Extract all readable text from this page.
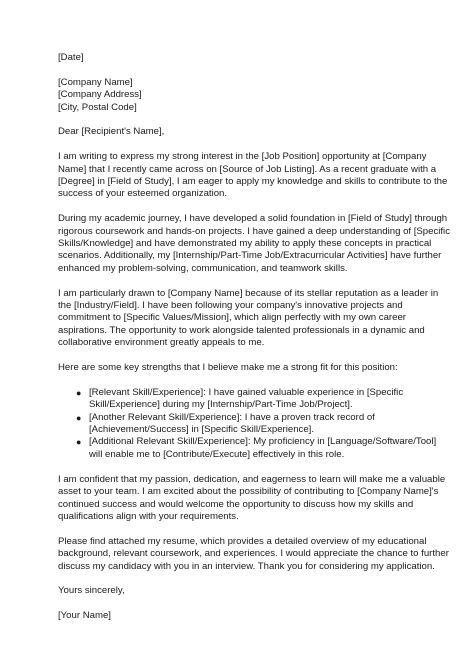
[Date]

[Company Name]
[Company Address]
[City, Postal Code]

Dear [Recipient's Name],

I am writing to express my strong interest in the [Job Position] opportunity at [Company
Name] that I recently came across on [Source of Job Listing]. As a recent graduate with a
[Degree] in [Field of Study], I am eager to apply my knowledge and skills to contribute to the
success of your esteemed organization.

During my academic journey, I have developed a solid foundation in [Field of Study] through
rigorous coursework and hands-on projects. I have gained a deep understanding of [Specific
Skills/Knowledge] and have demonstrated my ability to apply these concepts in practical
scenarios. Additionally, my [Internship/Part-Time Job/Extracurricular Activities] have further
enhanced my problem-solving, communication, and teamwork skills.

I am particularly drawn to [Company Name] because of its stellar reputation as a leader in
the [Industry/Field]. I have been following your company's innovative projects and
commitment to [Specific Values/Mission], which align perfectly with my own career
aspirations. The opportunity to work alongside talented professionals in a dynamic and
collaborative environment greatly appeals to me.

Here are some key strengths that I believe make me a strong fit for this position:

● [Relevant Skill/Experience]: I have gained valuable experience in [Specific
Skill/Experience] during my [Internship/Part-Time Job/Project].
● [Another Relevant Skill/Experience]: I have a proven track record of
[Achievement/Success] in [Specific Skill/Experience].
● [Additional Relevant Skill/Experience]: My proficiency in [Language/Software/Tool]
will enable me to [Contribute/Execute] effectively in this role.

I am confident that my passion, dedication, and eagerness to learn will make me a valuable
asset to your team. I am excited about the possibility of contributing to [Company Name]'s
continued success and would welcome the opportunity to discuss how my skills and
qualifications align with your requirements.

Please find attached my resume, which provides a detailed overview of my educational
background, relevant coursework, and experiences. I would appreciate the chance to further
discuss my candidacy with you in an interview. Thank you for considering my application.

Yours sincerely,

[Your Name]
